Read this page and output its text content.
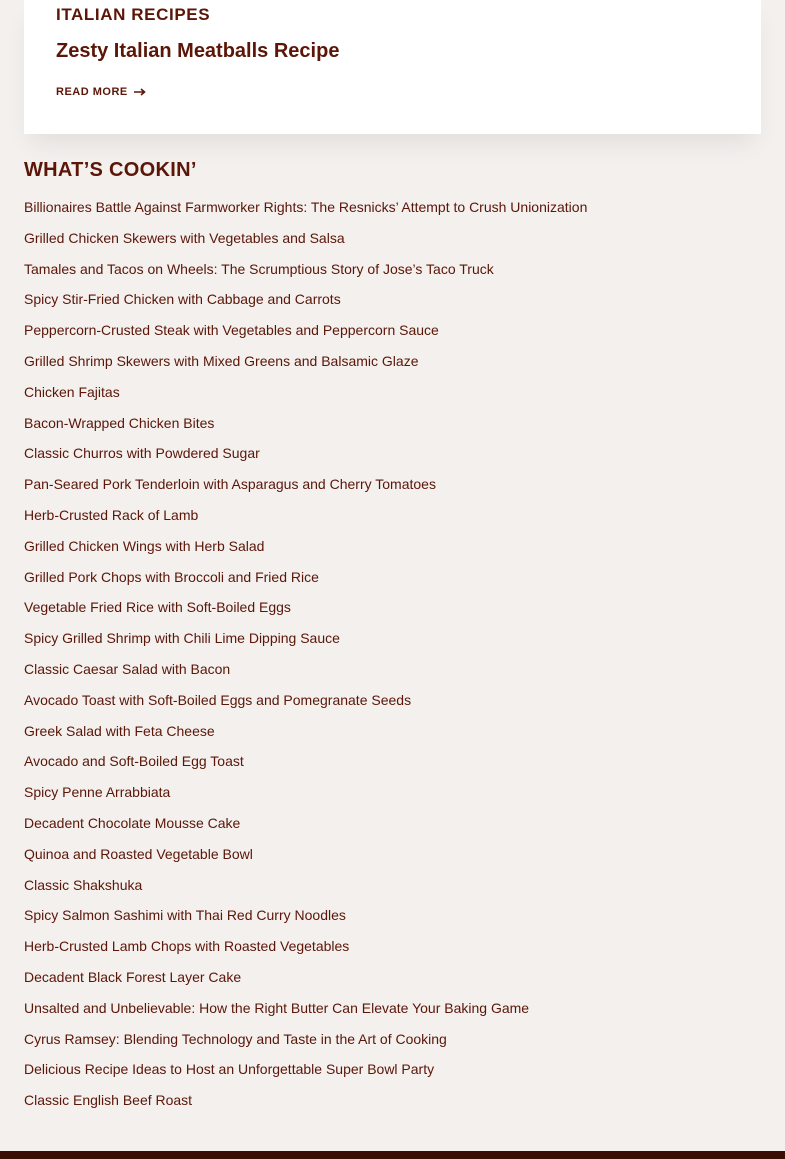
ITALIAN RECIPES
Zesty Italian Meatballs Recipe
READ MORE
WHAT’S COOKIN’
Billionaires Battle Against Farmworker Rights: The Resnicks’ Attempt to Crush Unionization
Grilled Chicken Skewers with Vegetables and Salsa
Tamales and Tacos on Wheels: The Scrumptious Story of Jose’s Taco Truck
Spicy Stir-Fried Chicken with Cabbage and Carrots
Peppercorn-Crusted Steak with Vegetables and Peppercorn Sauce
Grilled Shrimp Skewers with Mixed Greens and Balsamic Glaze
Chicken Fajitas
Bacon-Wrapped Chicken Bites
Classic Churros with Powdered Sugar
Pan-Seared Pork Tenderloin with Asparagus and Cherry Tomatoes
Herb-Crusted Rack of Lamb
Grilled Chicken Wings with Herb Salad
Grilled Pork Chops with Broccoli and Fried Rice
Vegetable Fried Rice with Soft-Boiled Eggs
Spicy Grilled Shrimp with Chili Lime Dipping Sauce
Classic Caesar Salad with Bacon
Avocado Toast with Soft-Boiled Eggs and Pomegranate Seeds
Greek Salad with Feta Cheese
Avocado and Soft-Boiled Egg Toast
Spicy Penne Arrabbiata
Decadent Chocolate Mousse Cake
Quinoa and Roasted Vegetable Bowl
Classic Shakshuka
Spicy Salmon Sashimi with Thai Red Curry Noodles
Herb-Crusted Lamb Chops with Roasted Vegetables
Decadent Black Forest Layer Cake
Unsalted and Unbelievable: How the Right Butter Can Elevate Your Baking Game
Cyrus Ramsey: Blending Technology and Taste in the Art of Cooking
Delicious Recipe Ideas to Host an Unforgettable Super Bowl Party
Classic English Beef Roast
